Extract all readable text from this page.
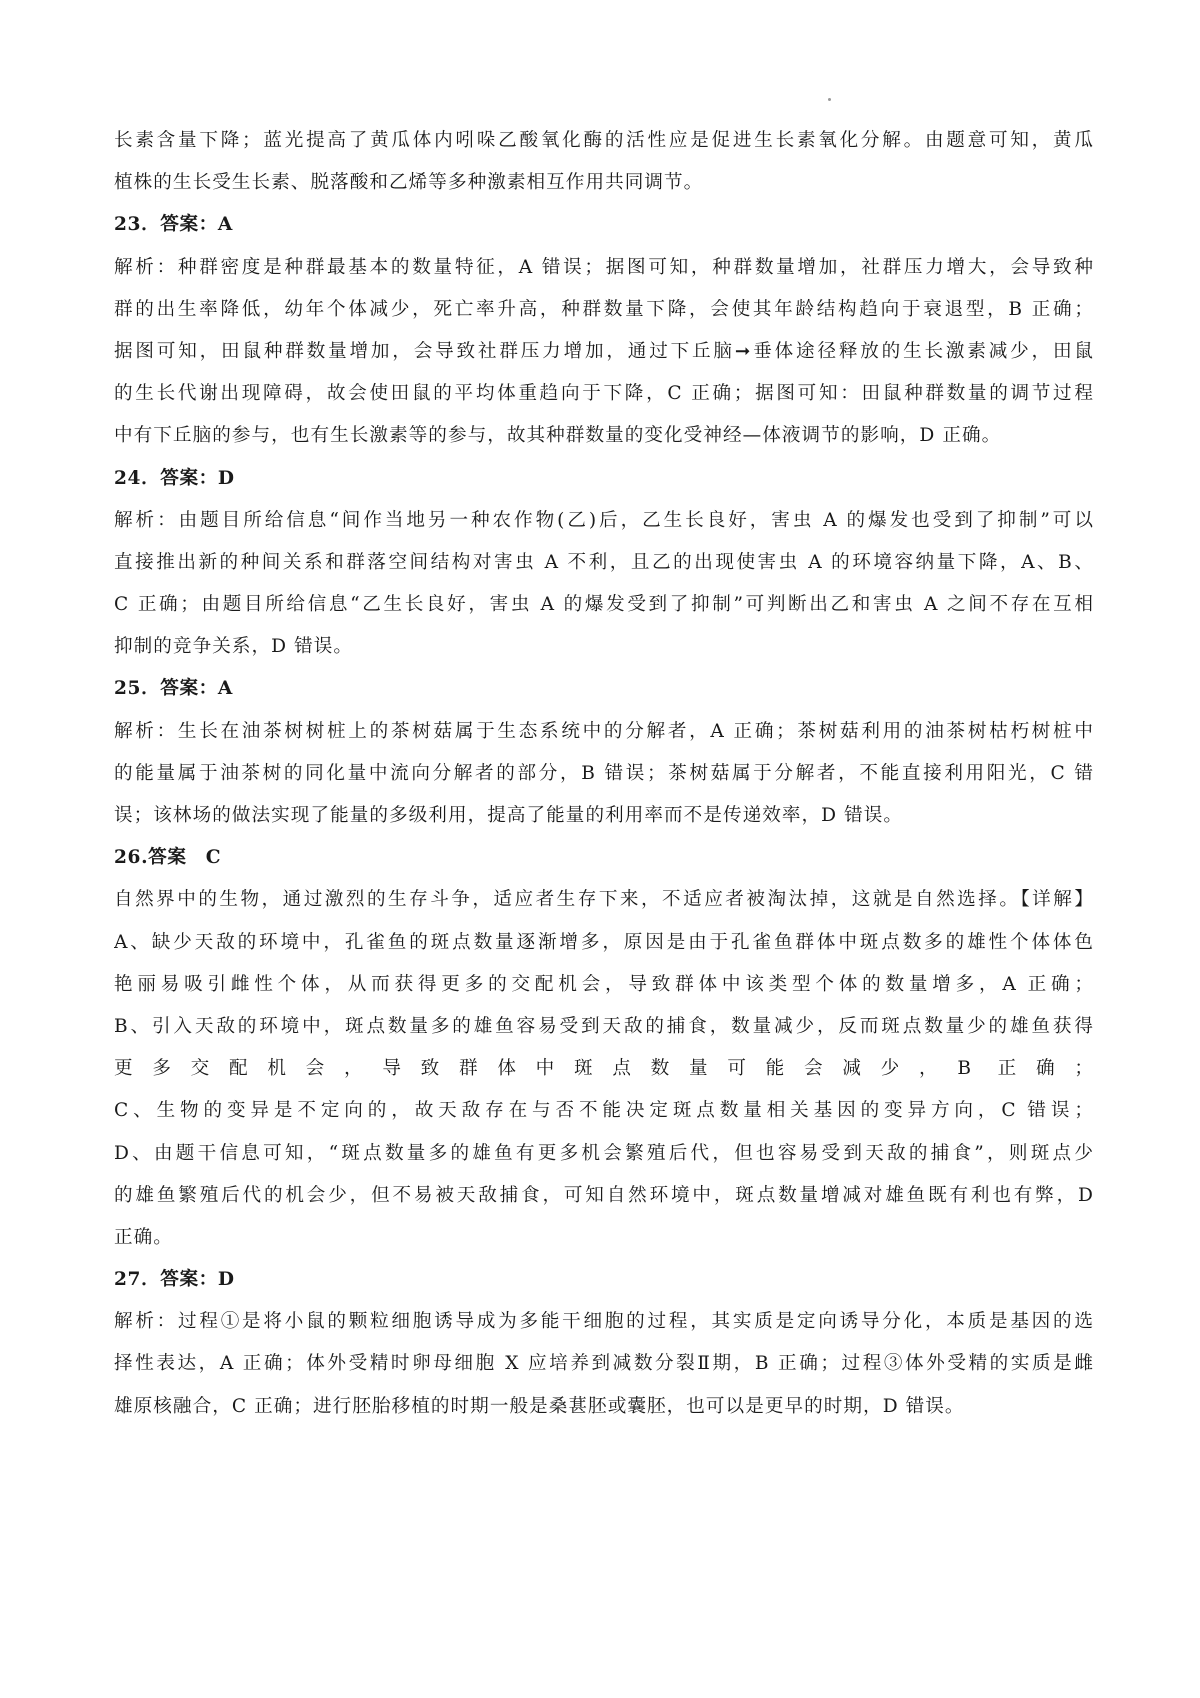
长素含量下降；蓝光提高了黄瓜体内吲哚乙酸氧化酶的活性应是促进生长素氧化分解。由题意可知，黄瓜
植株的生长受生长素、脱落酸和乙烯等多种激素相互作用共同调节。
23．答案：A
解析：种群密度是种群最基本的数量特征，A 错误；据图可知，种群数量增加，社群压力增大，会导致种
群的出生率降低，幼年个体减少，死亡率升高，种群数量下降，会使其年龄结构趋向于衰退型，B 正确；
据图可知，田鼠种群数量增加，会导致社群压力增加，通过下丘脑➞垂体途径释放的生长激素减少，田鼠
的生长代谢出现障碍，故会使田鼠的平均体重趋向于下降，C 正确；据图可知：田鼠种群数量的调节过程
中有下丘脑的参与，也有生长激素等的参与，故其种群数量的变化受神经—体液调节的影响，D 正确。
24．答案：D
解析：由题目所给信息“间作当地另一种农作物(乙)后，乙生长良好，害虫 A 的爆发也受到了抑制”可以
直接推出新的种间关系和群落空间结构对害虫 A 不利，且乙的出现使害虫 A 的环境容纳量下降，A、B、
C 正确；由题目所给信息“乙生长良好，害虫 A 的爆发受到了抑制”可判断出乙和害虫 A 之间不存在互相
抑制的竞争关系，D 错误。
25．答案：A
解析：生长在油茶树树桩上的茶树菇属于生态系统中的分解者，A 正确；茶树菇利用的油茶树枯朽树桩中
的能量属于油茶树的同化量中流向分解者的部分，B 错误；茶树菇属于分解者，不能直接利用阳光，C 错
误；该林场的做法实现了能量的多级利用，提高了能量的利用率而不是传递效率，D 错误。
26.答案　C
自然界中的生物，通过激烈的生存斗争，适应者生存下来，不适应者被淘汰掉，这就是自然选择。【详解】
A、缺少天敌的环境中，孔雀鱼的斑点数量逐渐增多，原因是由于孔雀鱼群体中斑点数多的雄性个体体色
艳丽易吸引雌性个体，从而获得更多的交配机会，导致群体中该类型个体的数量增多，A 正确；
B、引入天敌的环境中，斑点数量多的雄鱼容易受到天敌的捕食，数量减少，反而斑点数量少的雄鱼获得
更多交配机会，导致群体中斑点数量可能会减少，B 正确；
C、生物的变异是不定向的，故天敌存在与否不能决定斑点数量相关基因的变异方向，C 错误；
D、由题干信息可知，“斑点数量多的雄鱼有更多机会繁殖后代，但也容易受到天敌的捕食”，则斑点少
的雄鱼繁殖后代的机会少，但不易被天敌捕食，可知自然环境中，斑点数量增减对雄鱼既有利也有弊，D
正确。
27．答案：D
解析：过程①是将小鼠的颗粒细胞诱导成为多能干细胞的过程，其实质是定向诱导分化，本质是基因的选
择性表达，A 正确；体外受精时卵母细胞 X 应培养到减数分裂Ⅱ期，B 正确；过程③体外受精的实质是雌
雄原核融合，C 正确；进行胚胎移植的时期一般是桑葚胚或囊胚，也可以是更早的时期，D 错误。
